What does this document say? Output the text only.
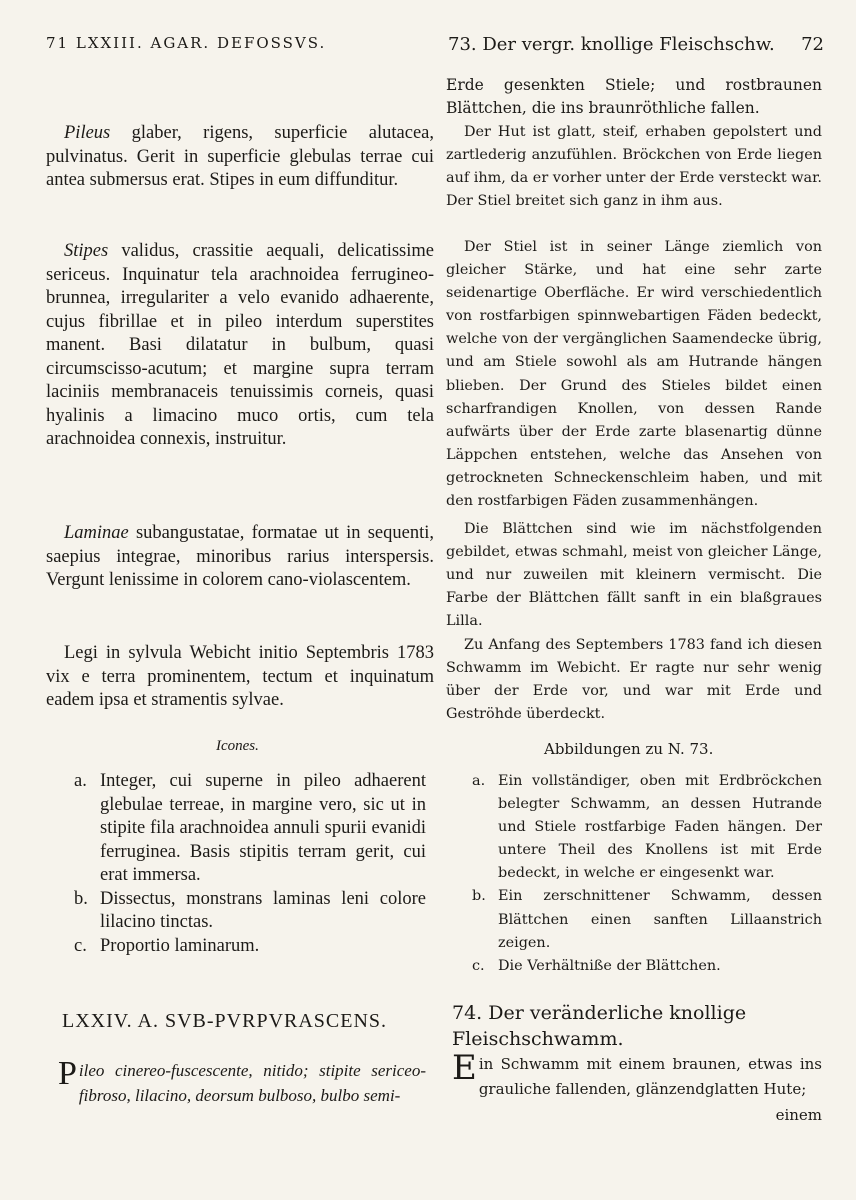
71 LXXIII. AGAR. DEFOSSVS.	73. Der vergr. knollige Fleischschw. 72

Pileus glaber, rigens, superficie alutacea, pulvinatus. Gerit in superficie glebulas terrae cui antea submersus erat. Stipes in eum diffunditur.

Stipes validus, crassitie aequali, delicatissime sericeus. Inquinatur tela arachnoidea ferrugineo-brunnea, irregulariter a velo evanido adhaerente, cujus fibrillae et in pileo interdum superstites manent. Basi dilatatur in bulbum, quasi circumscisso-acutum; et margine supra terram laciniis membranaceis tenuissimis corneis, quasi hyalinis a limacino muco ortis, cum tela arachnoidea connexis, instruitur.

Laminae subangustatae, formatae ut in sequenti, saepius integrae, minoribus rarius interspersis. Vergunt lenissime in colorem cano-violascentem.

Legi in sylvula Webicht initio Septembris 1783 vix e terra prominentem, tectum et inquinatum eadem ipsa et stramentis sylvae.

Icones.
a. Integer, cui superne in pileo adhaerent glebulae terreae, in margine vero, sic ut in stipite fila arachnoidea annuli spurii evanidi ferruginea. Basis stipitis terram gerit, cui erat immersa.
b. Dissectus, monstrans laminas leni colore lilacino tinctas.
c. Proportio laminarum.
LXXIV. A. SVB-PVRPVRASCENS.

Pileo cinereo-fuscescente, nitido; stipite sericeo-fibroso, lilacino, deorsum bulboso, bulbo semi-

Erde gesenkten Stiele; und rostbraunen Blättchen, die ins braunröthliche fallen.

Der Hut ist glatt, steif, erhaben gepolstert und zartlederig anzufühlen. Bröckchen von Erde liegen auf ihm, da er vorher unter der Erde versteckt war. Der Stiel breitet sich ganz in ihm aus.

Der Stiel ist in seiner Länge ziemlich von gleicher Stärke, und hat eine sehr zarte seidenartige Oberfläche. Er wird verschiedentlich von rostfarbigen spinnwebartigen Fäden bedeckt, welche von der vergänglichen Saamendecke übrig, und am Stiele sowohl als am Hutrande hängen blieben. Der Grund des Stieles bildet einen scharfrandigen Knollen, von dessen Rande aufwärts über der Erde zarte blasenartig dünne Läppchen entstehen, welche das Ansehen von getrockneten Schneckenschleim haben, und mit den rostfarbigen Fäden zusammenhängen.

Die Blättchen sind wie im nächstfolgenden gebildet, etwas schmahl, meist von gleicher Länge, und nur zuweilen mit kleinern vermischt. Die Farbe der Blättchen fällt sanft in ein blaßgraues Lilla.

Zu Anfang des Septembers 1783 fand ich diesen Schwamm im Webicht. Er ragte nur sehr wenig über der Erde vor, und war mit Erde und Geströhde überdeckt.

Abbildungen zu N. 73.
a. Ein vollständiger, oben mit Erdbröckchen belegter Schwamm, an dessen Hutrande und Stiele rostfarbige Faden hängen. Der untere Theil des Knollens ist mit Erde bedeckt, in welche er eingesenkt war.
b. Ein zerschnittener Schwamm, dessen Blättchen einen sanften Lillaanstrich zeigen.
c. Die Verhältniße der Blättchen.
74. Der veränderliche knollige Fleischschwamm.

Ein Schwamm mit einem braunen, etwas ins grauliche fallenden, glänzendglatten Hute;

einem
